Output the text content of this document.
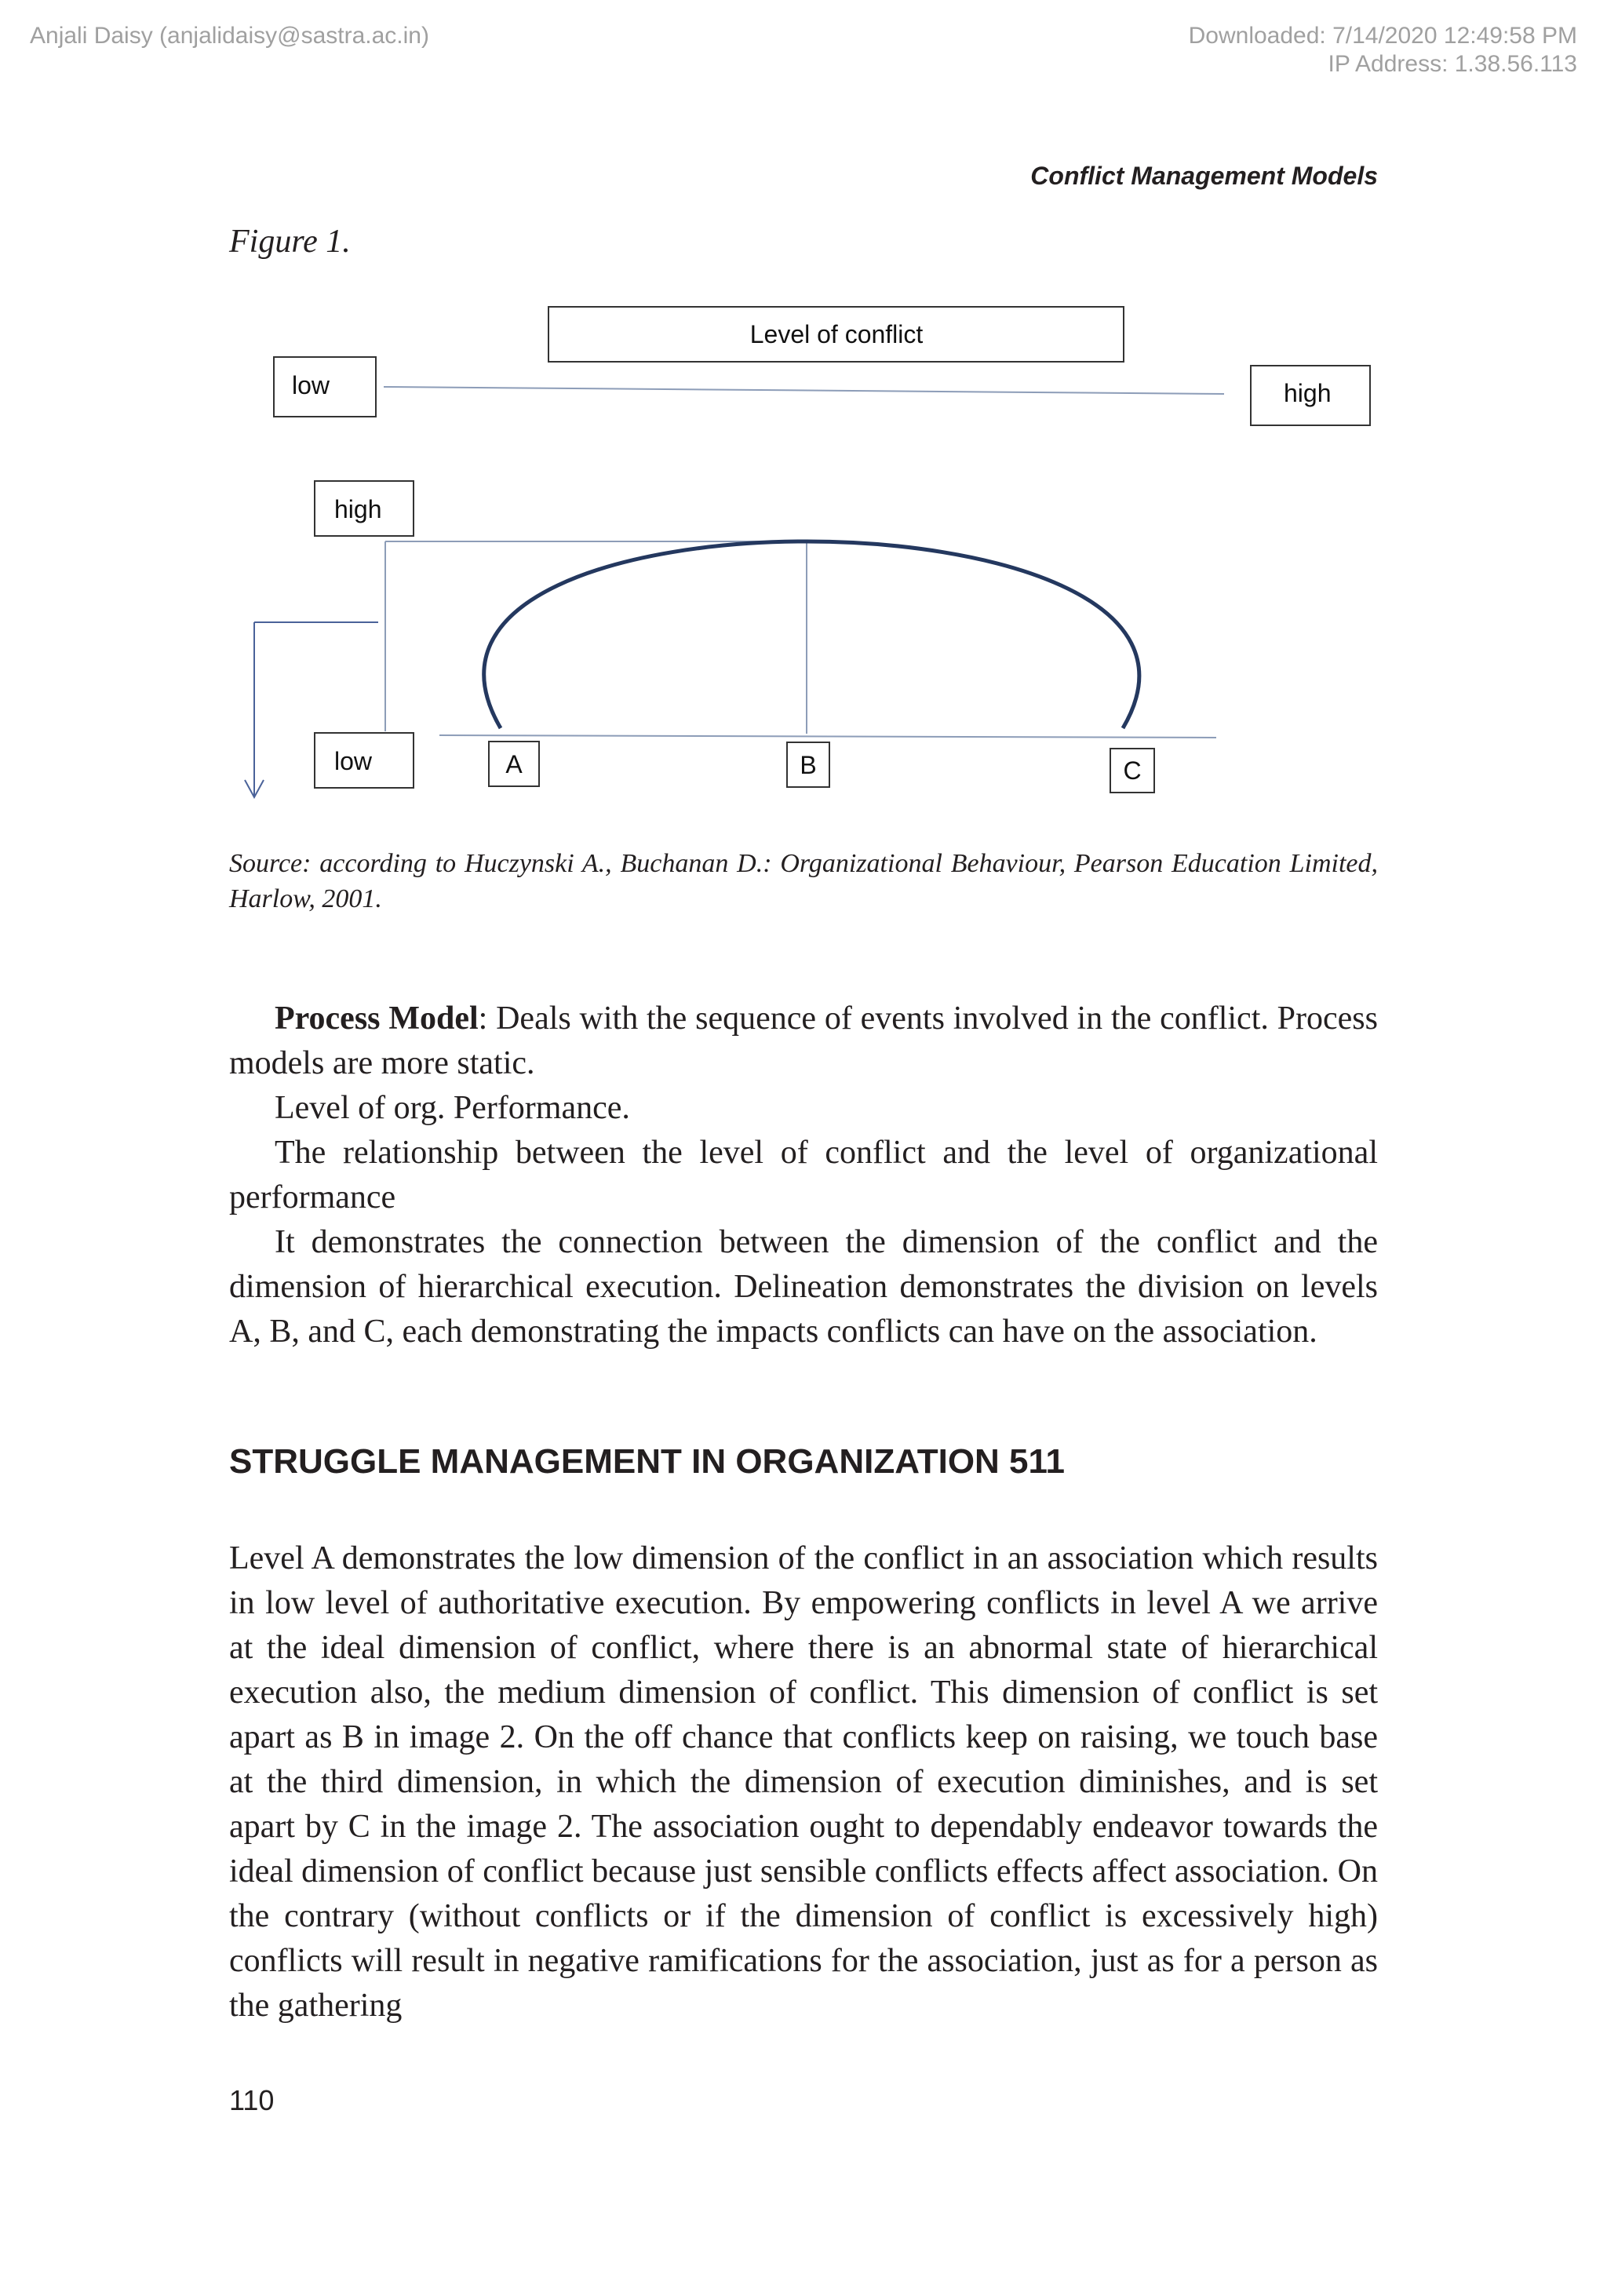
Anjali Daisy (anjalidaisy@sastra.ac.in)	Downloaded: 7/14/2020 12:49:58 PM
IP Address: 1.38.56.113
Conflict Management Models
Figure 1.
Level of conflict
low	high
high
low	A	B	C
Source: according to Huczynski A., Buchanan D.: Organizational Behaviour, Pearson Education Limited, Harlow, 2001.

Process Model: Deals with the sequence of events involved in the conflict. Process models are more static.

Level of org. Performance.

The relationship between the level of conflict and the level of organizational performance

It demonstrates the connection between the dimension of the conflict and the dimension of hierarchical execution. Delineation demonstrates the division on levels A, B, and C, each demonstrating the impacts conflicts can have on the association.

STRUGGLE MANAGEMENT IN ORGANIZATION 511

Level A demonstrates the low dimension of the conflict in an association which results in low level of authoritative execution. By empowering conflicts in level A we arrive at the ideal dimension of conflict, where there is an abnormal state of hierarchical execution also, the medium dimension of conflict. This dimension of conflict is set apart as B in image 2. On the off chance that conflicts keep on raising, we touch base at the third dimension, in which the dimension of execution diminishes, and is set apart by C in the image 2. The association ought to dependably endeavor towards the ideal dimension of conflict because just sensible conflicts effects affect association. On the contrary (without conflicts or if the dimension of conflict is excessively high) conflicts will result in negative ramifications for the association, just as for a person as the gathering

110
